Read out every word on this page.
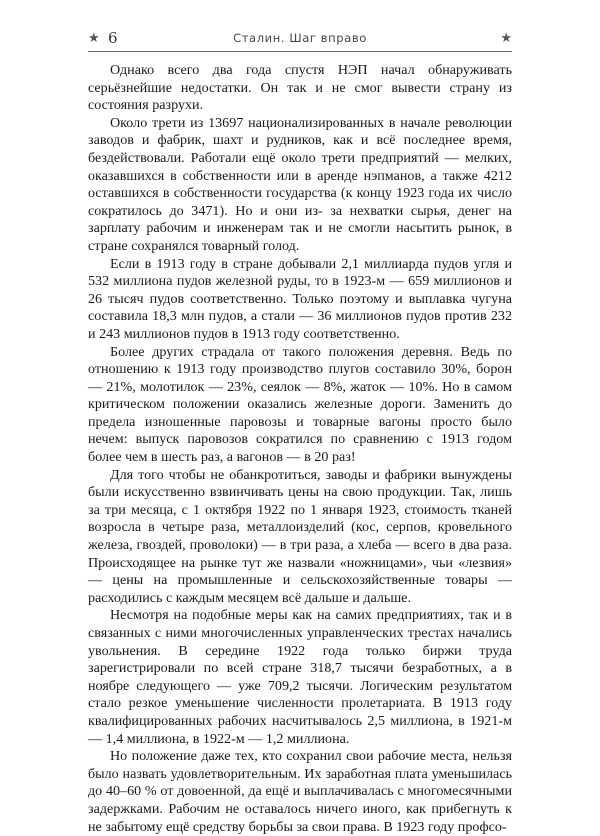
★ 6	Сталин. Шаг вправо	★

Однако всего два года спустя НЭП начал обнаруживать серьёзнейшие недостатки. Он так и не смог вывести страну из состояния разрухи.

Около трети из 13697 национализированных в начале революции заводов и фабрик, шахт и рудников, как и всё последнее время, бездействовали. Работали ещё около трети предприятий — мелких, оказавшихся в собственности или в аренде нэпманов, а также 4212 оставшихся в собственности государства (к концу 1923 года их число сократилось до 3471). Но и они из- за нехватки сырья, денег на зарплату рабочим и инженерам так и не смогли насытить рынок, в стране сохранялся товарный голод.

Если в 1913 году в стране добывали 2,1 миллиарда пудов угля и 532 миллиона пудов железной руды, то в 1923-м — 659 миллионов и 26 тысяч пудов соответственно. Только поэтому и выплавка чугуна составила 18,3 млн пудов, а стали — 36 миллионов пудов против 232 и 243 миллионов пудов в 1913 году соответственно.

Более других страдала от такого положения деревня. Ведь по отношению к 1913 году производство плугов составило 30%, борон — 21%, молотилок — 23%, сеялок — 8%, жаток — 10%. Но в самом критическом положении оказались железные дороги. Заменить до предела изношенные паровозы и товарные вагоны просто было нечем: выпуск паровозов сократился по сравнению с 1913 годом более чем в шесть раз, а вагонов — в 20 раз!

Для того чтобы не обанкротиться, заводы и фабрики вынуждены были искусственно взвинчивать цены на свою продукции. Так, лишь за три месяца, с 1 октября 1922 по 1 января 1923, стоимость тканей возросла в четыре раза, металлоизделий (кос, серпов, кровельного железа, гвоздей, проволоки) — в три раза, а хлеба — всего в два раза. Происходящее на рынке тут же назвали «ножницами», чьи «лезвия» — цены на промышленные и сельскохозяйственные товары — расходились с каждым месяцем всё дальше и дальше.

Несмотря на подобные меры как на самих предприятиях, так и в связанных с ними многочисленных управленческих трестах начались увольнения. В середине 1922 года только биржи труда зарегистрировали по всей стране 318,7 тысячи безработных, а в ноябре следующего — уже 709,2 тысячи. Логическим результатом стало резкое уменьшение численности пролетариата. В 1913 году квалифицированных рабочих насчитывалось 2,5 миллиона, в 1921-м — 1,4 миллиона, в 1922-м — 1,2 миллиона.

Но положение даже тех, кто сохранил свои рабочие места, нельзя было назвать удовлетворительным. Их заработная плата уменьшилась до 40–60 % от довоенной, да ещё и выплачивалась с многомесячными задержками. Рабочим не оставалось ничего иного, как прибегнуть к не забытому ещё средству борьбы за свои права. В 1923 году профсо-
